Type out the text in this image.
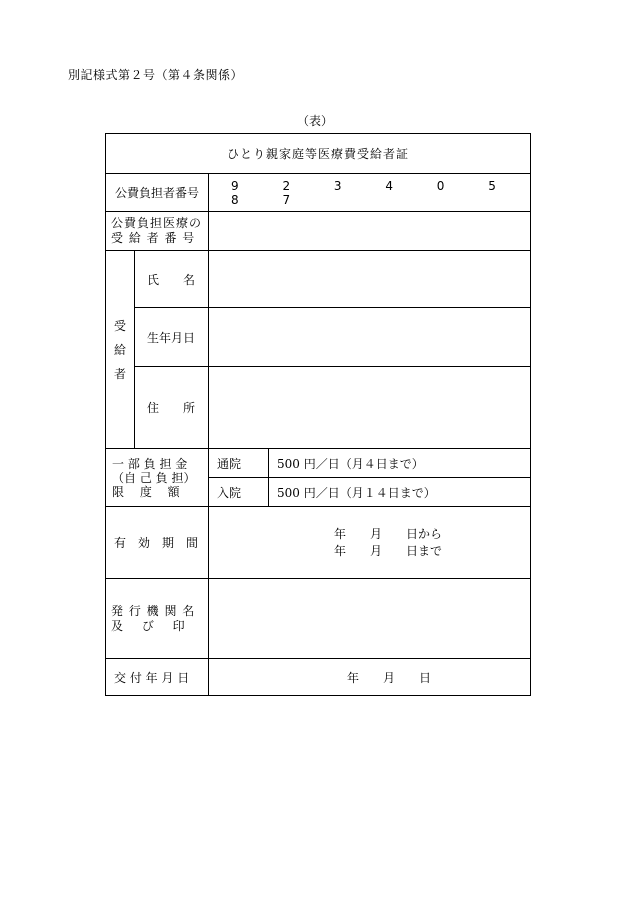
別記様式第２号（第４条関係）
（表）
ひとり親家庭等医療費受給者証			
公費負担者番号		9 2 3 4 0 5 8 7	

公費負担医療の
受 給 者 番 号			

受
給
者	氏 名		
	生年月日		
	住 所		

一 部 負 担 金
（自 己 負 担）
限　 度　 額		通院	500 円／日（月４日まで）
		入院	500 円／日（月１４日まで）
有　効　期　間		年 月 日から
年 月 日まで	

発 行 機 関 名
及　 び　 印			

交 付 年 月 日		年 月 日	
